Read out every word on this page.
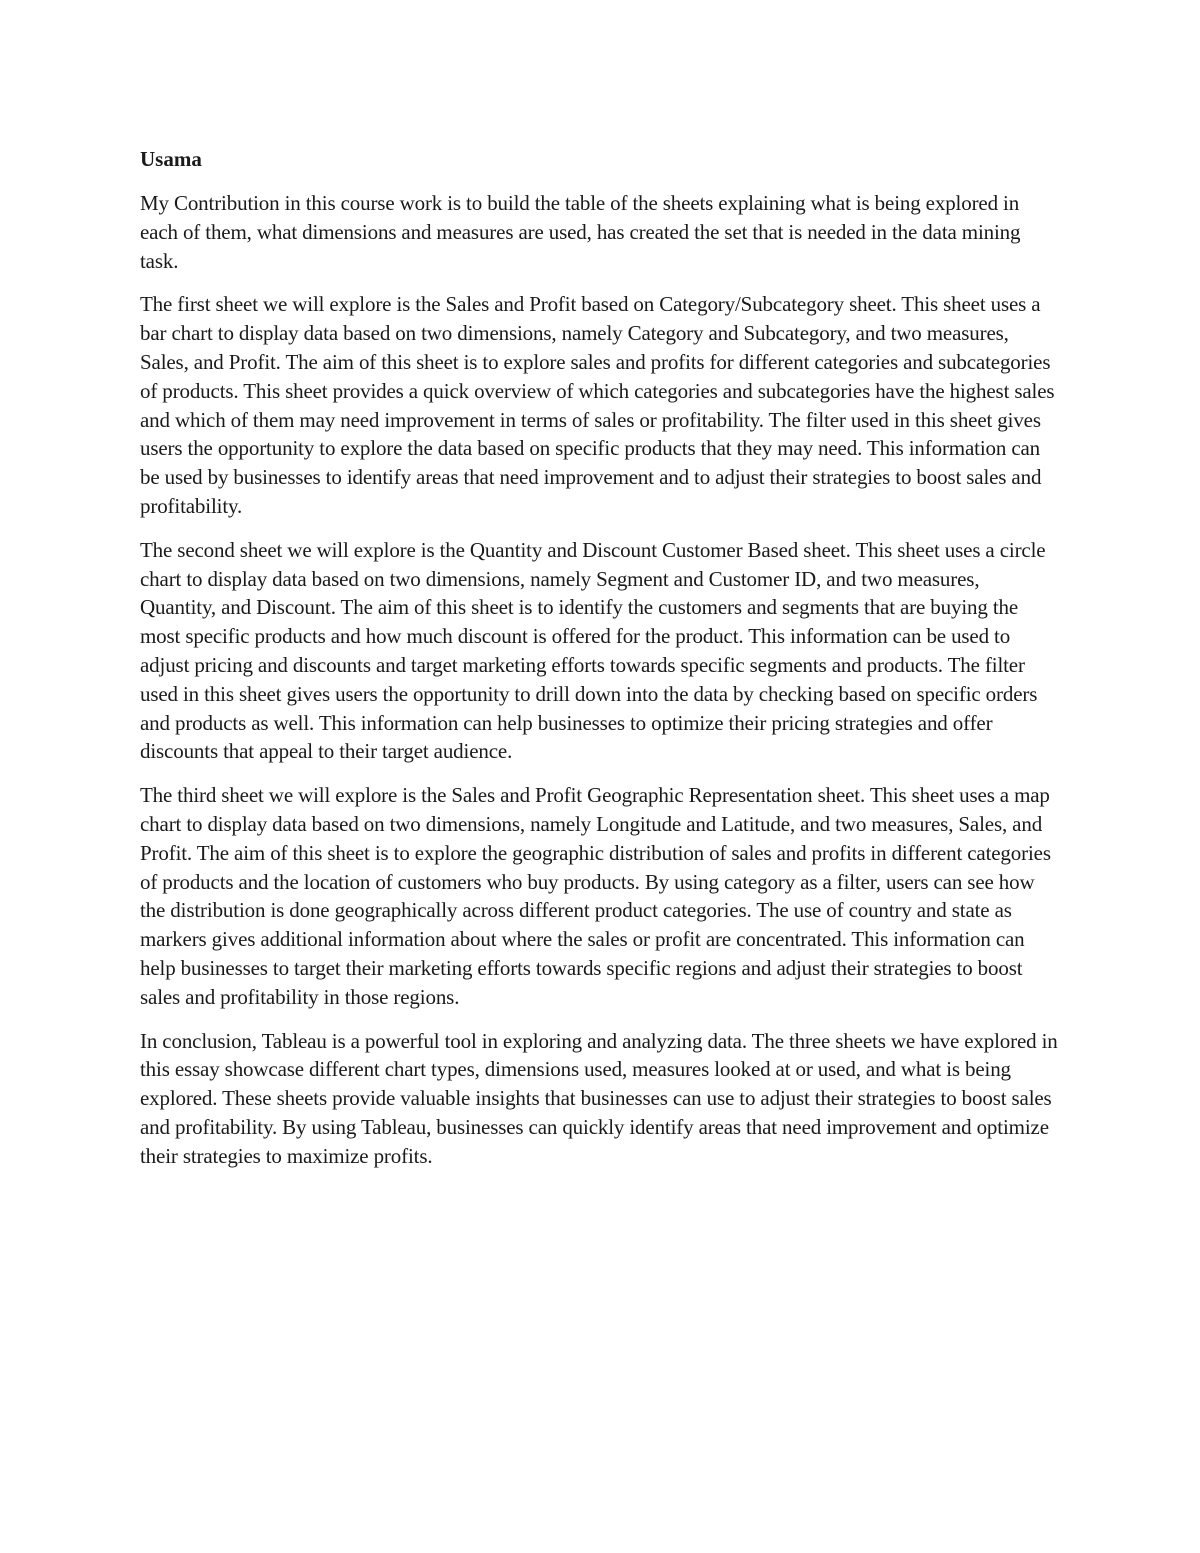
Usama

My Contribution in this course work is to build the table of the sheets explaining what is being explored in each of them, what dimensions and measures are used, has created the set that is needed in the data mining task.

The first sheet we will explore is the Sales and Profit based on Category/Subcategory sheet. This sheet uses a bar chart to display data based on two dimensions, namely Category and Subcategory, and two measures, Sales, and Profit. The aim of this sheet is to explore sales and profits for different categories and subcategories of products. This sheet provides a quick overview of which categories and subcategories have the highest sales and which of them may need improvement in terms of sales or profitability. The filter used in this sheet gives users the opportunity to explore the data based on specific products that they may need. This information can be used by businesses to identify areas that need improvement and to adjust their strategies to boost sales and profitability.

The second sheet we will explore is the Quantity and Discount Customer Based sheet. This sheet uses a circle chart to display data based on two dimensions, namely Segment and Customer ID, and two measures, Quantity, and Discount. The aim of this sheet is to identify the customers and segments that are buying the most specific products and how much discount is offered for the product. This information can be used to adjust pricing and discounts and target marketing efforts towards specific segments and products. The filter used in this sheet gives users the opportunity to drill down into the data by checking based on specific orders and products as well. This information can help businesses to optimize their pricing strategies and offer discounts that appeal to their target audience.

The third sheet we will explore is the Sales and Profit Geographic Representation sheet. This sheet uses a map chart to display data based on two dimensions, namely Longitude and Latitude, and two measures, Sales, and Profit. The aim of this sheet is to explore the geographic distribution of sales and profits in different categories of products and the location of customers who buy products. By using category as a filter, users can see how the distribution is done geographically across different product categories. The use of country and state as markers gives additional information about where the sales or profit are concentrated. This information can help businesses to target their marketing efforts towards specific regions and adjust their strategies to boost sales and profitability in those regions.

In conclusion, Tableau is a powerful tool in exploring and analyzing data. The three sheets we have explored in this essay showcase different chart types, dimensions used, measures looked at or used, and what is being explored. These sheets provide valuable insights that businesses can use to adjust their strategies to boost sales and profitability. By using Tableau, businesses can quickly identify areas that need improvement and optimize their strategies to maximize profits.
